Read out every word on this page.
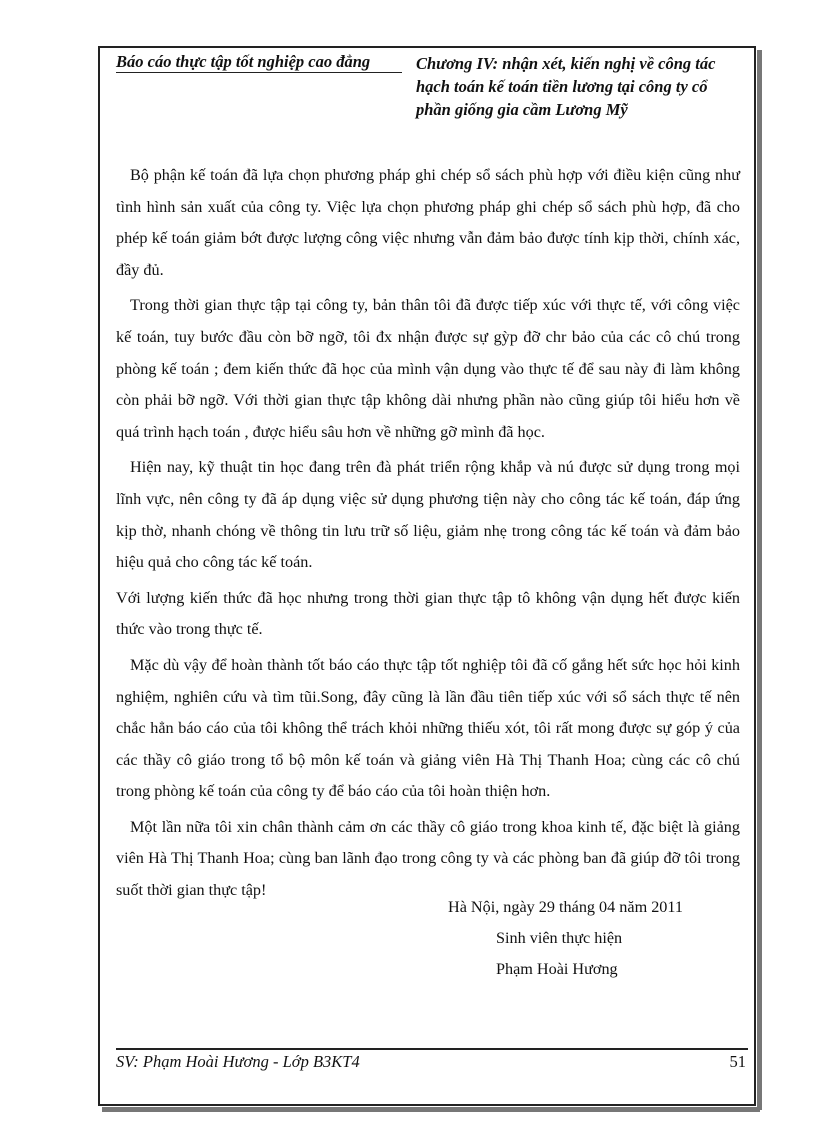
Báo cáo thực tập tốt nghiệp cao đẳng	Chương IV: nhận xét, kiến nghị về công tác hạch toán kế toán tiền lương tại công ty cổ phần giống gia cầm Lương Mỹ

Bộ phận kế toán đã lựa chọn phương pháp ghi chép sổ sách phù hợp với điều kiện cũng như tình hình sản xuất của công ty. Việc lựa chọn phương pháp ghi chép sổ sách phù hợp, đã cho phép kế toán giảm bớt được lượng công việc nhưng vẫn đảm bảo được tính kịp thời, chính xác, đầy đủ.

Trong thời gian thực tập tại công ty, bản thân tôi đã được tiếp xúc với thực tế, với công việc kế toán, tuy bước đầu còn bỡ ngỡ, tôi đx nhận được sự gỳp đỡ chr bảo của các cô chú trong phòng kế toán ; đem kiến thức đã học của mình vận dụng vào thực tế để sau này đi làm không còn phải bỡ ngỡ. Với thời gian thực tập không dài nhưng phần nào cũng giúp tôi hiểu hơn về quá trình hạch toán , được hiểu sâu hơn về những gỡ mình đã học.

Hiện nay, kỹ thuật tin học đang trên đà phát triển rộng khắp và nú được sử dụng trong mọi lĩnh vực, nên công ty đã áp dụng việc sử dụng phương tiện này cho công tác kế toán, đáp ứng kịp thờ, nhanh chóng về thông tin lưu trữ số liệu, giảm nhẹ trong công tác kế toán và đảm bảo hiệu quả cho công tác kế toán.

Với lượng kiến thức đã học nhưng trong thời gian thực tập tô không vận dụng hết được kiến thức vào trong thực tế.

Mặc dù vậy để hoàn thành tốt báo cáo thực tập tốt nghiệp tôi đã cố gắng hết sức học hỏi kinh nghiệm, nghiên cứu và tìm tũi.Song, đây cũng là lần đầu tiên tiếp xúc với sổ sách thực tế nên chắc hẳn báo cáo của tôi không thể trách khỏi những thiếu xót, tôi rất mong được sự góp ý của các thầy cô giáo trong tổ bộ môn kế toán và giảng viên Hà Thị Thanh Hoa; cùng các cô chú trong phòng kế toán của công ty để báo cáo của tôi hoàn thiện hơn.

Một lần nữa tôi xin chân thành cảm ơn các thầy cô giáo trong khoa kinh tế, đặc biệt là giảng viên Hà Thị Thanh Hoa; cùng ban lãnh đạo trong công ty và các phòng ban đã giúp đỡ tôi trong suốt thời gian thực tập!

Hà Nội, ngày 29 tháng 04 năm 2011
Sinh viên thực hiện
Phạm Hoài Hương
SV: Phạm Hoài Hương - Lớp B3KT4	51
